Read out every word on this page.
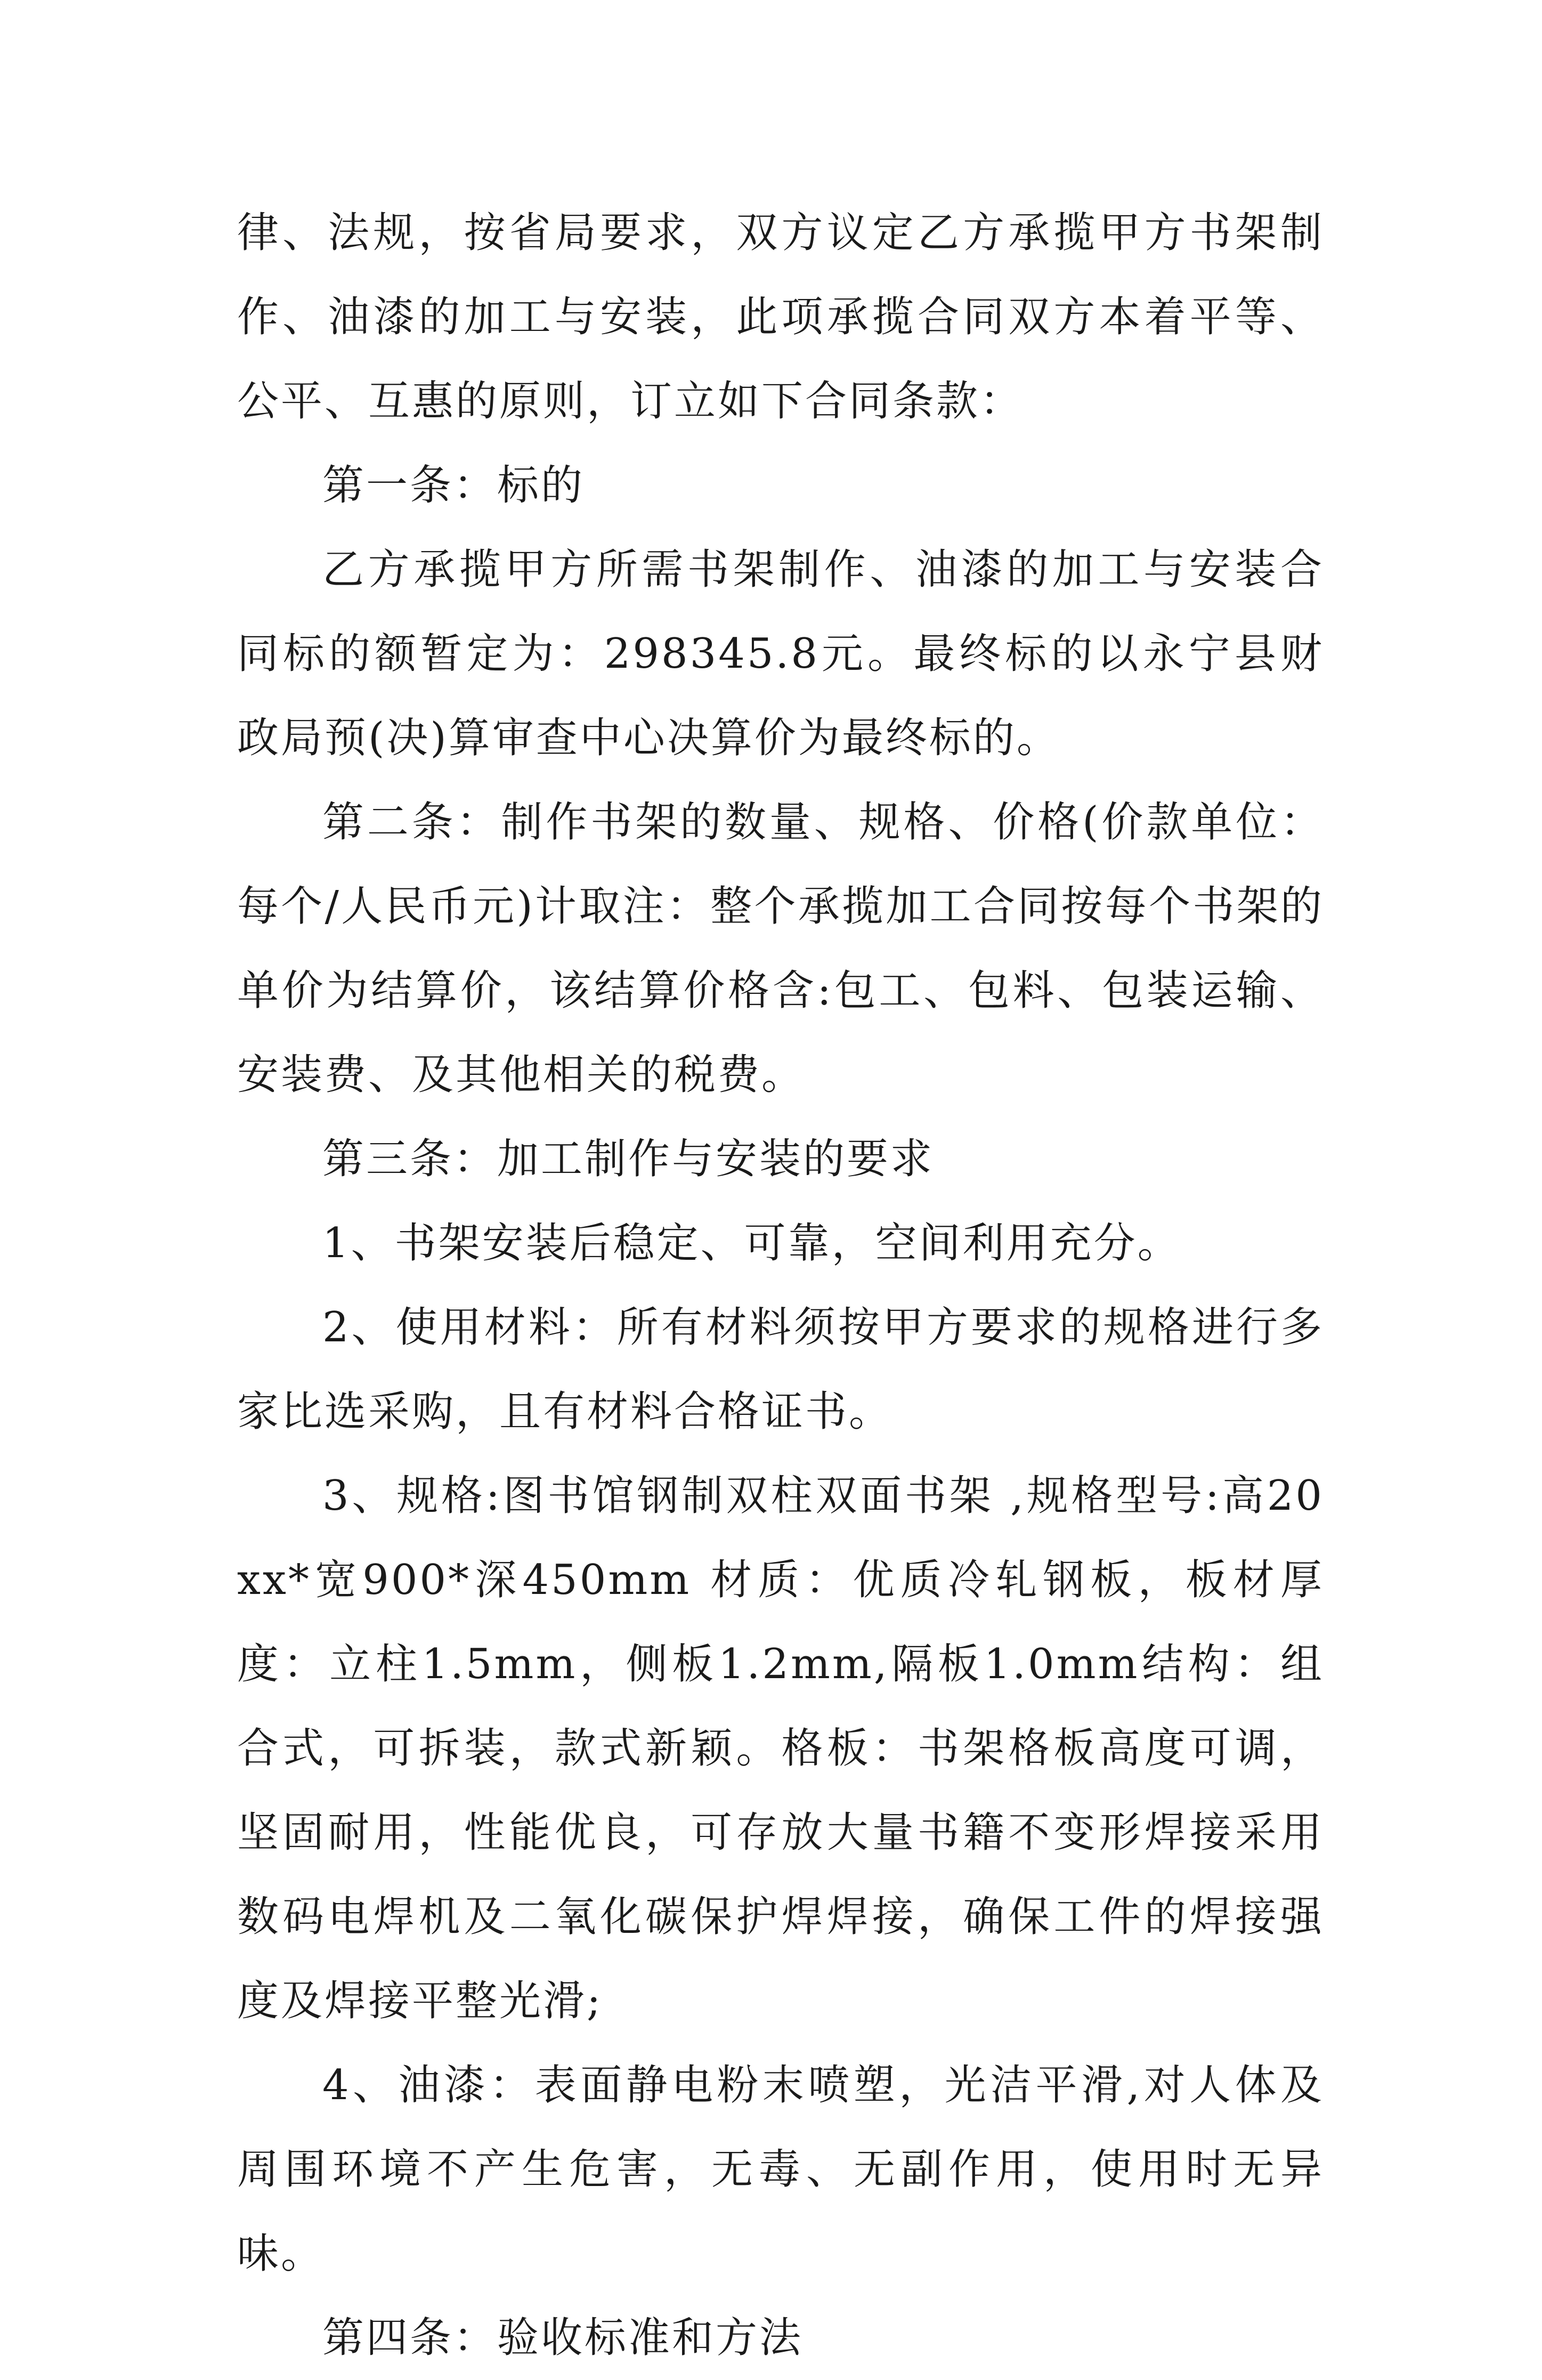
律、法规，按省局要求，双方议定乙方承揽甲方书架制作、油漆的加工与安装，此项承揽合同双方本着平等、公平、互惠的原则，订立如下合同条款：

第一条：标的

乙方承揽甲方所需书架制作、油漆的加工与安装合同标的额暂定为：298345.8元。最终标的以永宁县财政局预(决)算审查中心决算价为最终标的。

第二条：制作书架的数量、规格、价格(价款单位：每个/人民币元)计取注：整个承揽加工合同按每个书架的单价为结算价，该结算价格含:包工、包料、包装运输、安装费、及其他相关的税费。

第三条：加工制作与安装的要求

1、书架安装后稳定、可靠，空间利用充分。

2、使用材料：所有材料须按甲方要求的规格进行多家比选采购，且有材料合格证书。

3、规格:图书馆钢制双柱双面书架 ,规格型号:高20xx*宽900*深450mm 材质：优质冷轧钢板，板材厚度：立柱1.5mm，侧板1.2mm,隔板1.0mm结构：组合式，可拆装，款式新颖。格板：书架格板高度可调，坚固耐用，性能优良，可存放大量书籍不变形焊接采用数码电焊机及二氧化碳保护焊焊接，确保工件的焊接强度及焊接平整光滑;

4、油漆：表面静电粉末喷塑，光洁平滑,对人体及周围环境不产生危害，无毒、无副作用，使用时无异味。

第四条：验收标准和方法
